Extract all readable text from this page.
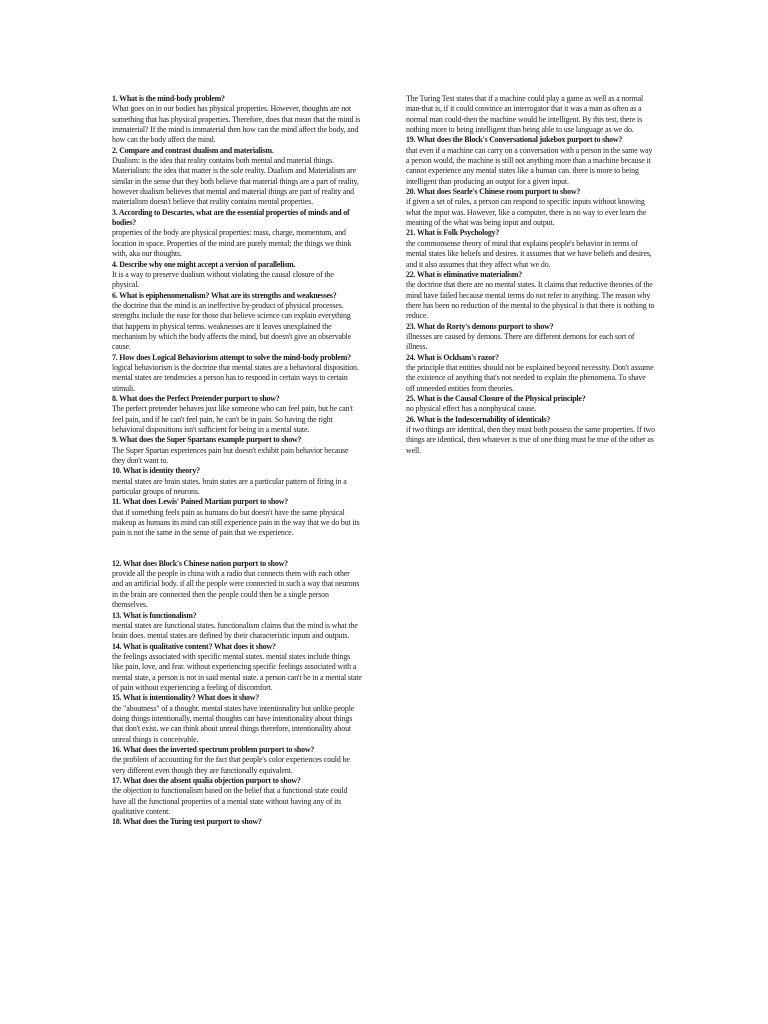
1. What is the mind-body problem?
What goes on in our bodies has physical properties. However, thoughts are not something that has physical properties. Therefore, does that mean that the mind is immaterial? If the mind is immaterial then how can the mind affect the body, and how can the body affect the mind.
2. Compare and contrast dualism and materialism.
Dualism: is the idea that reality contains both mental and material things. Materialism: the idea that matter is the sole reality. Dualism and Materialism are similar in the sense that they both believe that material things are a part of reality, however dualism believes that mental and material things are part of reality and materialism doesn't believe that reality contains mental properties.
3. According to Descartes, what are the essential properties of minds and of bodies?
properties of the body are physical properties: mass, charge, momentum, and location in space. Properties of the mind are purely mental; the things we think with, aka our thoughts.
4. Describe why one might accept a version of parallelism.
It is a way to preserve dualism without violating the causal closure of the physical.
6. What is epiphenomenalism? What are its strengths and weaknesses?
the doctrine that the mind is an ineffective by-product of physical processes. strengths include the ease for those that believe science can explain everything that happens in physical terms. weaknesses are it leaves unexplained the mechanism by which the body affects the mind, but doesn't give an observable cause.
7. How does Logical Behaviorism attempt to solve the mind-body problem?
logical behaviorism is the doctrine that mental states are a behavioral disposition. mental states are tendencies a person has to respond in certain ways to certain stimuli.
8. What does the Perfect Pretender purport to show?
The perfect pretender behaves just like someone who can feel pain, but he can't feel pain, and if he can't feel pain, he can't be in pain. So having the right behavioral dispositions isn't sufficient for being in a mental state.
9. What does the Super Spartans example purport to show?
The Super Spartan experiences pain but doesn't exhibit pain behavior because they don't want to.
10. What is identity theory?
mental states are brain states. brain states are a particular pattern of firing in a particular groups of neurons.
11. What does Lewis' Pained Martian purport to show?
that if something feels pain as humans do but doesn't have the same physical makeup as humans its mind can still experience pain in the way that we do but its pain is not the same in the sense of pain that we experience.
12. What does Block's Chinese nation purport to show?
provide all the people in china with a radio that connects them with each other and an artificial body. if all the people were connected in such a way that neurons in the brain are connected then the people could then be a single person themselves.
13. What is functionalism?
mental states are functional states. functionalism claims that the mind is what the brain does. mental states are defined by their characteristic inputs and outputs.
14. What is qualitative content? What does it show?
the feelings associated with specific mental states. mental states include things like pain, love, and fear. without experiencing specific feelings associated with a mental state, a person is not in said mental state. a person can't be in a mental state of pain without experiencing a feeling of discomfort.
15. What is intentionality? What does it show?
the "aboutness" of a thought. mental states have intentionality but unlike people doing things intentionally, mental thoughts can have intentionality about things that don't exist. we can think about unreal things therefore, intentionality about unreal things is conceivable.
16. What does the inverted spectrum problem purport to show?
the problem of accounting for the fact that people's color experiences could be very different even though they are functionally equivalent.
17. What does the absent qualia objection purport to show?
the objection to functionalism based on the belief that a functional state could have all the functional properties of a mental state without having any of its qualitative content.
18. What does the Turing test purport to show?
The Turing Test states that if a machine could play a game as well as a normal man-that is, if it could convince an interrogator that it was a man as often as a normal man could-then the machine would be intelligent. By this test, there is nothing more to being intelligent than being able to use language as we do.
19. What does the Block's Conversational jukebox purport to show?
that even if a machine can carry on a conversation with a person in the same way a person would, the machine is still not anything more than a machine because it cannot experience any mental states like a human can. there is more to being intelligent than producing an output for a given input.
20. What does Searle's Chinese room purport to show?
if given a set of rules, a person can respond to specific inputs without knowing what the input was. However, like a computer, there is no way to ever learn the meaning of the what was being input and output.
21. What is Folk Psychology?
the commonsense theory of mind that explains people's behavior in terms of mental states like beliefs and desires. it assumes that we have beliefs and desires, and it also assumes that they affect what we do.
22. What is eliminative materialism?
the doctrine that there are no mental states. It claims that reductive theories of the mind have failed because mental terms do not refer to anything. The reason why there has been no reduction of the mental to the physical is that there is nothing to reduce.
23. What do Rorty's demons purport to show?
illnesses are caused by demons. There are different demons for each sort of illness.
24. What is Ockham's razor?
the principle that entities should not be explained beyond necessity. Don't assume the existence of anything that's not needed to explain the phenomena. To shave off unneeded entities from theories.
25. What is the Causal Closure of the Physical principle?
no physical effect has a nonphysical cause.
26. What is the Indescernability of identicals?
if two things are identical, then they must both possess the same properties. If two things are identical, then whatever is true of one thing must be true of the other as well.
